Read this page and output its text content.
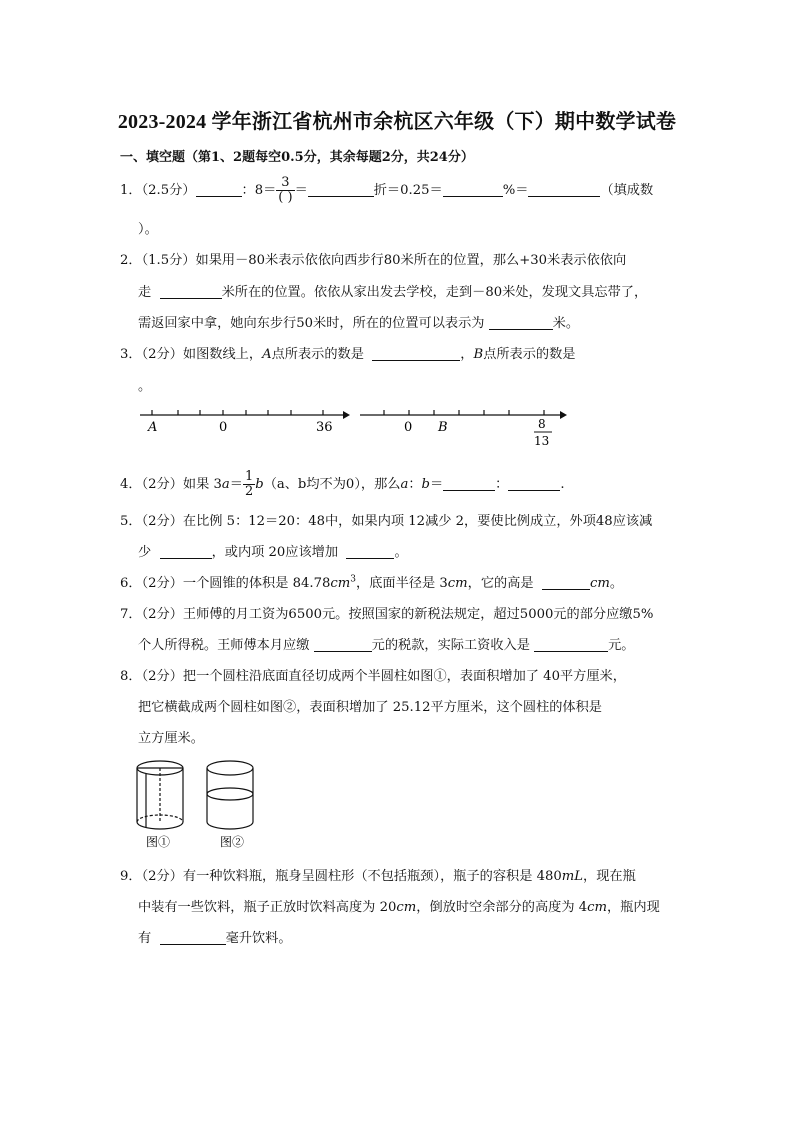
2023-2024 学年浙江省杭州市余杭区六年级（下）期中数学试卷
一、填空题（第1、2题每空0.5分，其余每题2分，共24分）
1．（2.5分）	：$8= \frac{3}{( )}$ ＝	折＝0.25＝	%＝	（填成数
）。
2．（1.5分）如果用－80米表示依依向西步行80米所在的位置，那么+30米表示依依向
走	米所在的位置。依依从家出发去学校，走到－80米处，发现文具忘带了，
需返回家中拿，她向东步行50米时，所在的位置可以表示为	米。
3．（2分）如图数线上，A点所表示的数是	，B点所表示的数是
。
A	0	36	0 B	8
13
4．（2分）如果 $3a= \frac{1}{2} b(a$、b均不为0），那么a：b＝	：	.
5．（2分）在比例 5：12＝20：48中，如果内项 12减少 2，要使比例成立，外项48应该减
少	，或内项 20应该增加	。
6．（2分）一个圆锥的体积是 $84.78cm^3$，底面半径是 3cm，它的高是	cm。
7．（2分）王师傅的月工资为6500元。按照国家的新税法规定，超过5000元的部分应缴5%
个人所得税。王师傅本月应缴	元的税款，实际工资收入是	元。
8．（2分）把一个圆柱沿底面直径切成两个半圆柱如图①，表面积增加了 40平方厘米，
把它横截成两个圆柱如图②，表面积增加了 25.12平方厘米，这个圆柱的体积是
立方厘米。
图①	图②
9．（2分）有一种饮料瓶，瓶身呈圆柱形（不包括瓶颈），瓶子的容积是 480mL，现在瓶
中装有一些饮料，瓶子正放时饮料高度为 20cm，倒放时空余部分的高度为 4cm，瓶内现
有	毫升饮料。
